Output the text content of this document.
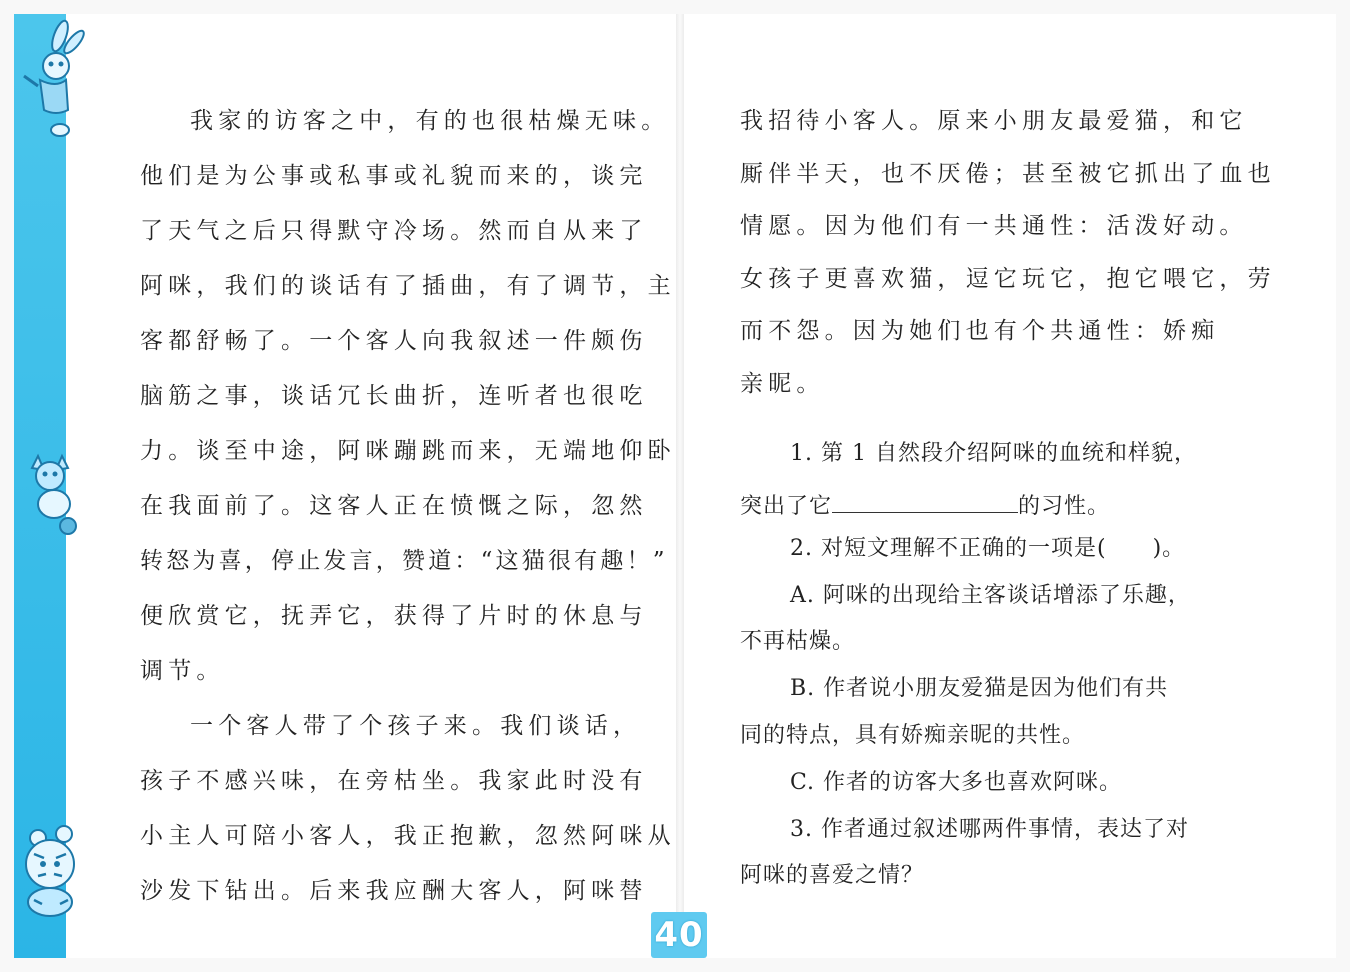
我家的访客之中，有的也很枯燥无味。
他们是为公事或私事或礼貌而来的，谈完
了天气之后只得默守冷场。然而自从来了
阿咪，我们的谈话有了插曲，有了调节，主
客都舒畅了。一个客人向我叙述一件颇伤
脑筋之事，谈话冗长曲折，连听者也很吃
力。谈至中途，阿咪蹦跳而来，无端地仰卧
在我面前了。这客人正在愤慨之际，忽然
转怒为喜，停止发言，赞道：“这猫很有趣！”
便欣赏它，抚弄它，获得了片时的休息与
调节。
一个客人带了个孩子来。我们谈话，
孩子不感兴味，在旁枯坐。我家此时没有
小主人可陪小客人，我正抱歉，忽然阿咪从
沙发下钻出。后来我应酬大客人，阿咪替
我招待小客人。原来小朋友最爱猫，和它
厮伴半天，也不厌倦；甚至被它抓出了血也
情愿。因为他们有一共通性：活泼好动。
女孩子更喜欢猫，逗它玩它，抱它喂它，劳
而不怨。因为她们也有个共通性：娇痴
亲昵。
1. 第 1 自然段介绍阿咪的血统和样貌，
突出了它	的习性。
2. 对短文理解不正确的一项是(　　)。
A. 阿咪的出现给主客谈话增添了乐趣，
不再枯燥。
B. 作者说小朋友爱猫是因为他们有共
同的特点，具有娇痴亲昵的共性。
C. 作者的访客大多也喜欢阿咪。
3. 作者通过叙述哪两件事情，表达了对
阿咪的喜爱之情？
40
